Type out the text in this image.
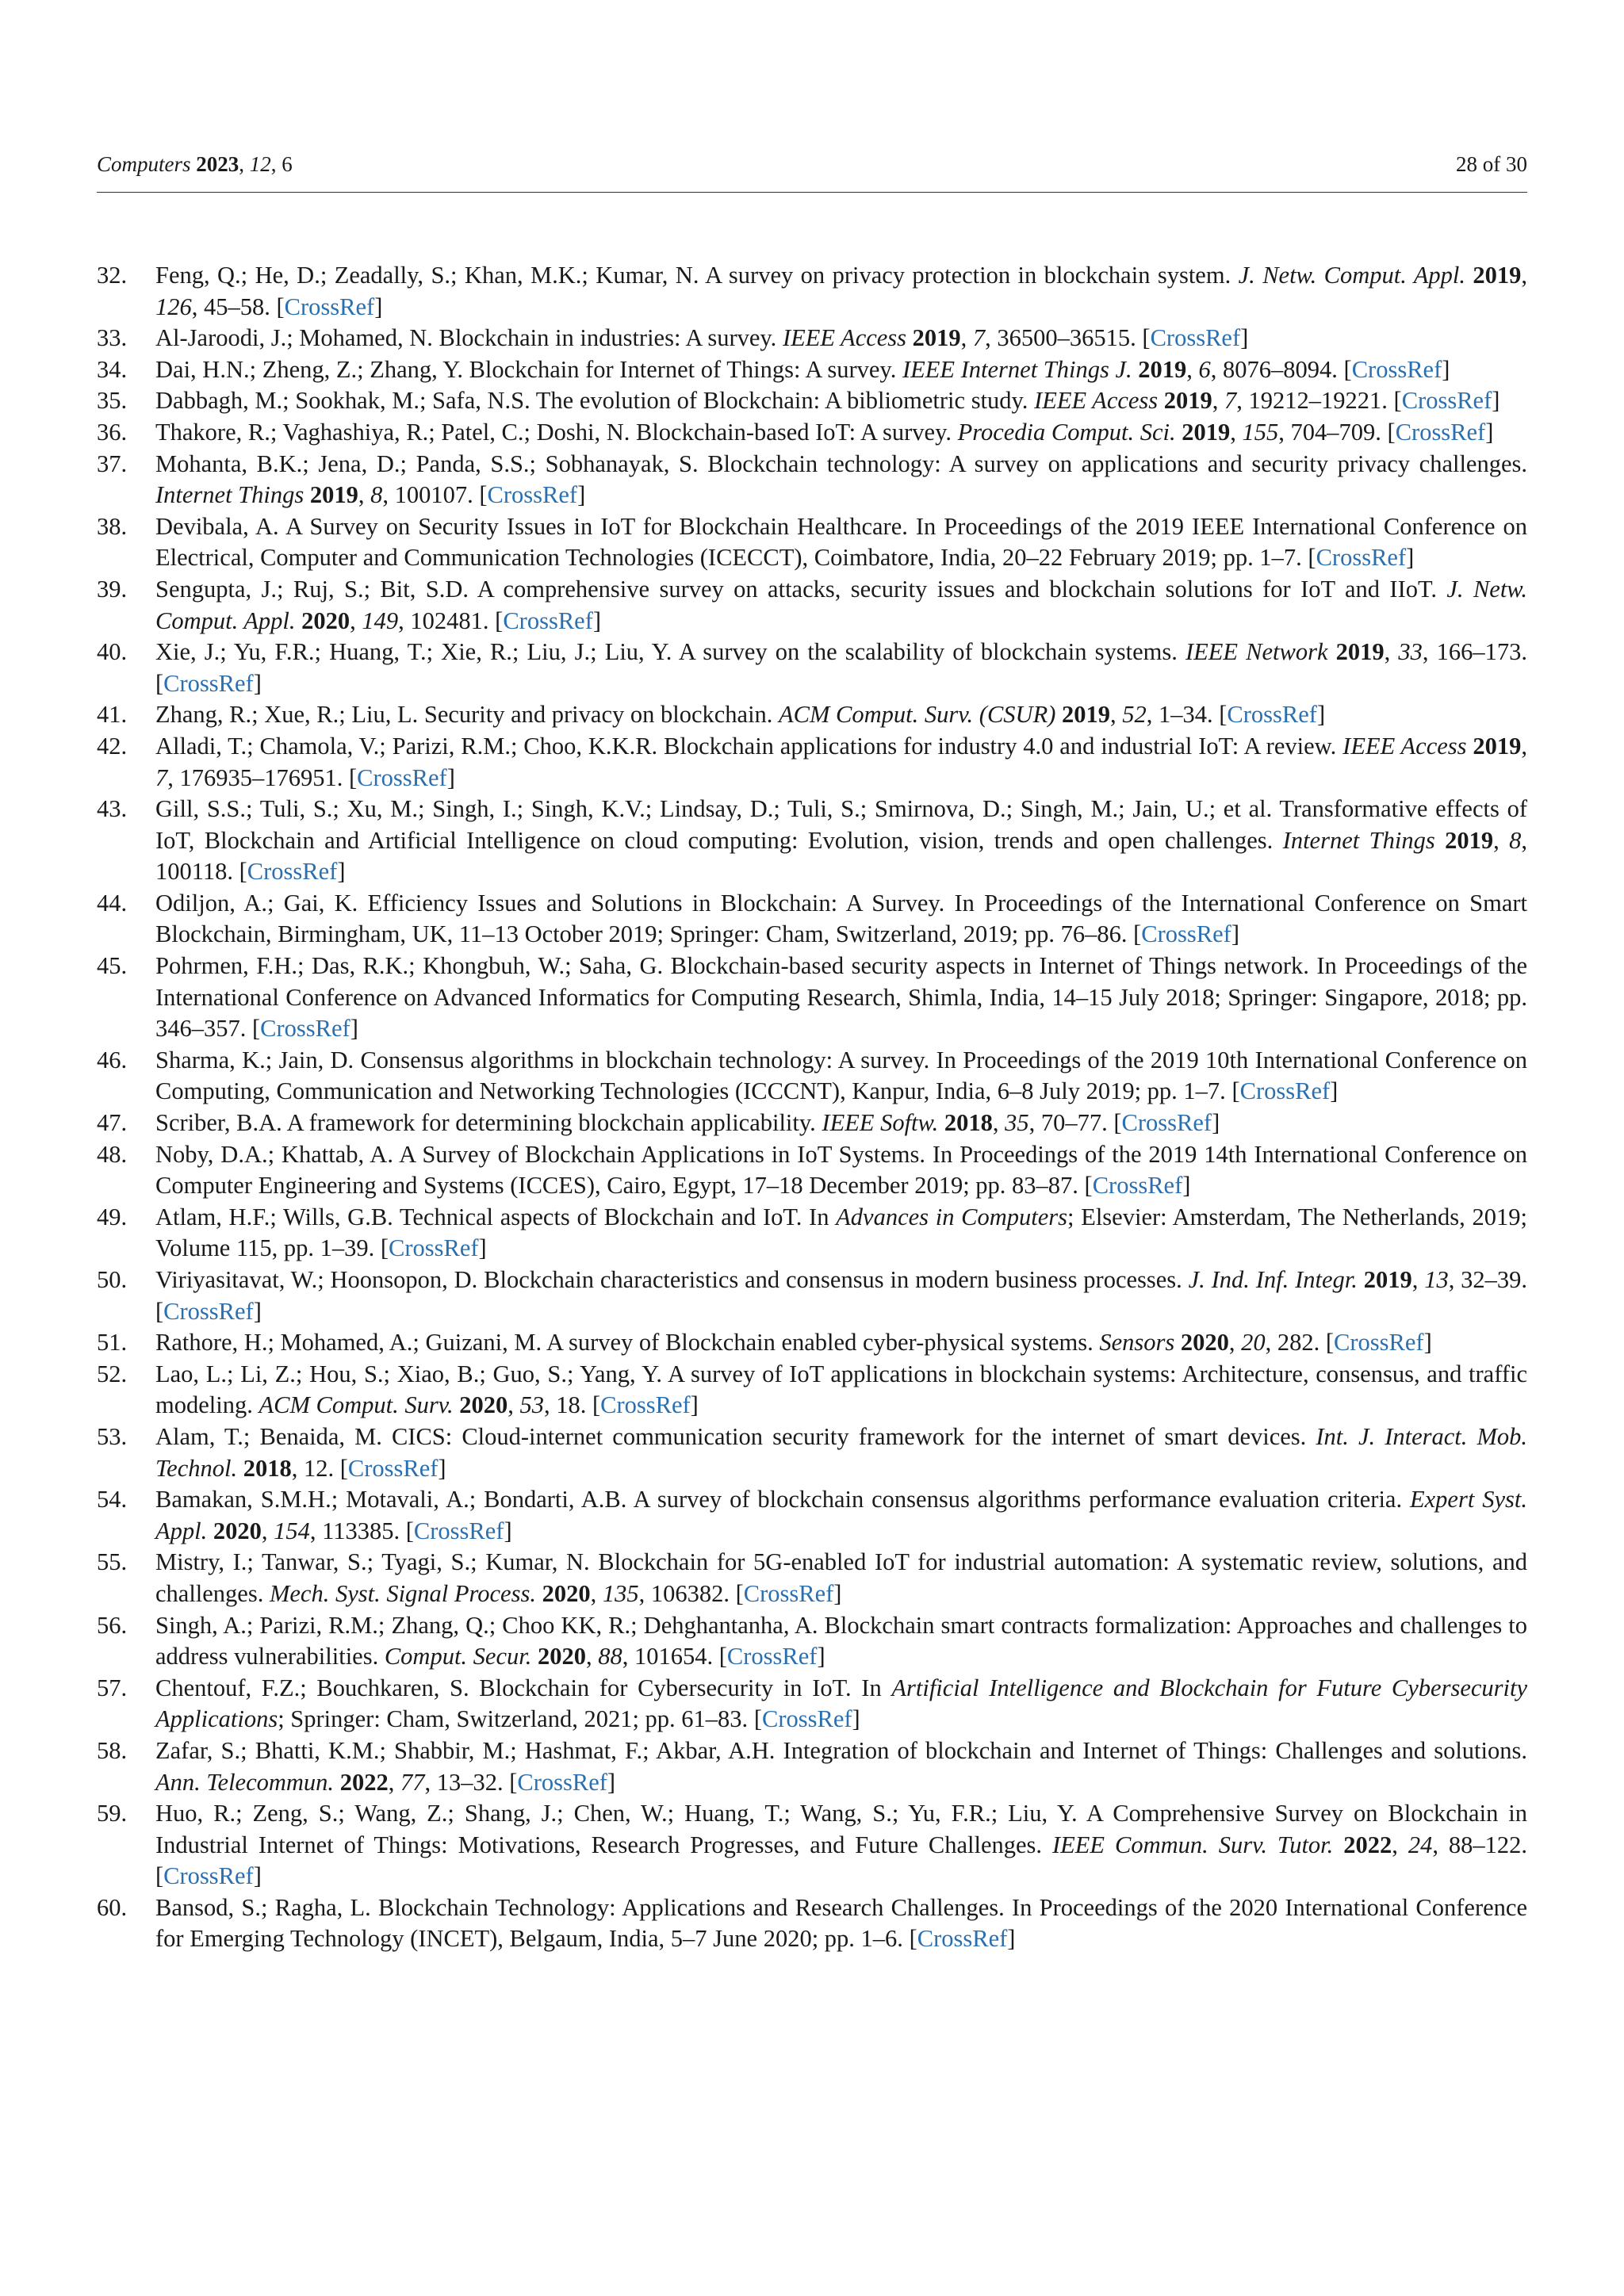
Computers 2023, 12, 6	28 of 30
32. Feng, Q.; He, D.; Zeadally, S.; Khan, M.K.; Kumar, N. A survey on privacy protection in blockchain system. J. Netw. Comput. Appl. 2019, 126, 45–58. [CrossRef]
33. Al-Jaroodi, J.; Mohamed, N. Blockchain in industries: A survey. IEEE Access 2019, 7, 36500–36515. [CrossRef]
34. Dai, H.N.; Zheng, Z.; Zhang, Y. Blockchain for Internet of Things: A survey. IEEE Internet Things J. 2019, 6, 8076–8094. [CrossRef]
35. Dabbagh, M.; Sookhak, M.; Safa, N.S. The evolution of Blockchain: A bibliometric study. IEEE Access 2019, 7, 19212–19221. [CrossRef]
36. Thakore, R.; Vaghashiya, R.; Patel, C.; Doshi, N. Blockchain-based IoT: A survey. Procedia Comput. Sci. 2019, 155, 704–709. [CrossRef]
37. Mohanta, B.K.; Jena, D.; Panda, S.S.; Sobhanayak, S. Blockchain technology: A survey on applications and security privacy challenges. Internet Things 2019, 8, 100107. [CrossRef]
38. Devibala, A. A Survey on Security Issues in IoT for Blockchain Healthcare. In Proceedings of the 2019 IEEE International Conference on Electrical, Computer and Communication Technologies (ICECCT), Coimbatore, India, 20–22 February 2019; pp. 1–7. [CrossRef]
39. Sengupta, J.; Ruj, S.; Bit, S.D. A comprehensive survey on attacks, security issues and blockchain solutions for IoT and IIoT. J. Netw. Comput. Appl. 2020, 149, 102481. [CrossRef]
40. Xie, J.; Yu, F.R.; Huang, T.; Xie, R.; Liu, J.; Liu, Y. A survey on the scalability of blockchain systems. IEEE Network 2019, 33, 166–173. [CrossRef]
41. Zhang, R.; Xue, R.; Liu, L. Security and privacy on blockchain. ACM Comput. Surv. (CSUR) 2019, 52, 1–34. [CrossRef]
42. Alladi, T.; Chamola, V.; Parizi, R.M.; Choo, K.K.R. Blockchain applications for industry 4.0 and industrial IoT: A review. IEEE Access 2019, 7, 176935–176951. [CrossRef]
43. Gill, S.S.; Tuli, S.; Xu, M.; Singh, I.; Singh, K.V.; Lindsay, D.; Tuli, S.; Smirnova, D.; Singh, M.; Jain, U.; et al. Transformative effects of IoT, Blockchain and Artificial Intelligence on cloud computing: Evolution, vision, trends and open challenges. Internet Things 2019, 8, 100118. [CrossRef]
44. Odiljon, A.; Gai, K. Efficiency Issues and Solutions in Blockchain: A Survey. In Proceedings of the International Conference on Smart Blockchain, Birmingham, UK, 11–13 October 2019; Springer: Cham, Switzerland, 2019; pp. 76–86. [CrossRef]
45. Pohrmen, F.H.; Das, R.K.; Khongbuh, W.; Saha, G. Blockchain-based security aspects in Internet of Things network. In Proceedings of the International Conference on Advanced Informatics for Computing Research, Shimla, India, 14–15 July 2018; Springer: Singapore, 2018; pp. 346–357. [CrossRef]
46. Sharma, K.; Jain, D. Consensus algorithms in blockchain technology: A survey. In Proceedings of the 2019 10th International Conference on Computing, Communication and Networking Technologies (ICCCNT), Kanpur, India, 6–8 July 2019; pp. 1–7. [CrossRef]
47. Scriber, B.A. A framework for determining blockchain applicability. IEEE Softw. 2018, 35, 70–77. [CrossRef]
48. Noby, D.A.; Khattab, A. A Survey of Blockchain Applications in IoT Systems. In Proceedings of the 2019 14th International Conference on Computer Engineering and Systems (ICCES), Cairo, Egypt, 17–18 December 2019; pp. 83–87. [CrossRef]
49. Atlam, H.F.; Wills, G.B. Technical aspects of Blockchain and IoT. In Advances in Computers; Elsevier: Amsterdam, The Netherlands, 2019; Volume 115, pp. 1–39. [CrossRef]
50. Viriyasitavat, W.; Hoonsopon, D. Blockchain characteristics and consensus in modern business processes. J. Ind. Inf. Integr. 2019, 13, 32–39. [CrossRef]
51. Rathore, H.; Mohamed, A.; Guizani, M. A survey of Blockchain enabled cyber-physical systems. Sensors 2020, 20, 282. [CrossRef]
52. Lao, L.; Li, Z.; Hou, S.; Xiao, B.; Guo, S.; Yang, Y. A survey of IoT applications in blockchain systems: Architecture, consensus, and traffic modeling. ACM Comput. Surv. 2020, 53, 18. [CrossRef]
53. Alam, T.; Benaida, M. CICS: Cloud-internet communication security framework for the internet of smart devices. Int. J. Interact. Mob. Technol. 2018, 12. [CrossRef]
54. Bamakan, S.M.H.; Motavali, A.; Bondarti, A.B. A survey of blockchain consensus algorithms performance evaluation criteria. Expert Syst. Appl. 2020, 154, 113385. [CrossRef]
55. Mistry, I.; Tanwar, S.; Tyagi, S.; Kumar, N. Blockchain for 5G-enabled IoT for industrial automation: A systematic review, solutions, and challenges. Mech. Syst. Signal Process. 2020, 135, 106382. [CrossRef]
56. Singh, A.; Parizi, R.M.; Zhang, Q.; Choo KK, R.; Dehghantanha, A. Blockchain smart contracts formalization: Approaches and challenges to address vulnerabilities. Comput. Secur. 2020, 88, 101654. [CrossRef]
57. Chentouf, F.Z.; Bouchkaren, S. Blockchain for Cybersecurity in IoT. In Artificial Intelligence and Blockchain for Future Cybersecurity Applications; Springer: Cham, Switzerland, 2021; pp. 61–83. [CrossRef]
58. Zafar, S.; Bhatti, K.M.; Shabbir, M.; Hashmat, F.; Akbar, A.H. Integration of blockchain and Internet of Things: Challenges and solutions. Ann. Telecommun. 2022, 77, 13–32. [CrossRef]
59. Huo, R.; Zeng, S.; Wang, Z.; Shang, J.; Chen, W.; Huang, T.; Wang, S.; Yu, F.R.; Liu, Y. A Comprehensive Survey on Blockchain in Industrial Internet of Things: Motivations, Research Progresses, and Future Challenges. IEEE Commun. Surv. Tutor. 2022, 24, 88–122. [CrossRef]
60. Bansod, S.; Ragha, L. Blockchain Technology: Applications and Research Challenges. In Proceedings of the 2020 International Conference for Emerging Technology (INCET), Belgaum, India, 5–7 June 2020; pp. 1–6. [CrossRef]
